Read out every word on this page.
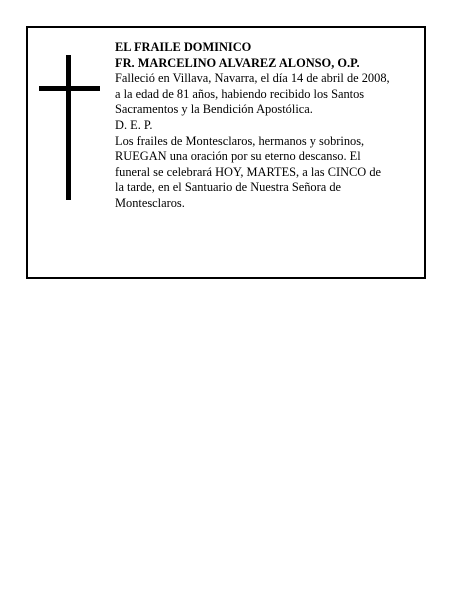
EL FRAILE DOMINICO
FR. MARCELINO ALVAREZ ALONSO, O.P.
Falleció en Villava, Navarra, el día 14 de abril de 2008,
a la edad de 81 años, habiendo recibido los Santos
Sacramentos y la Bendición Apostólica.
D. E. P.
Los frailes de Montesclaros, hermanos y sobrinos,
RUEGAN una oración por su eterno descanso. El
funeral se celebrará HOY, MARTES, a las CINCO de
la tarde, en el Santuario de Nuestra Señora de
Montesclaros.
